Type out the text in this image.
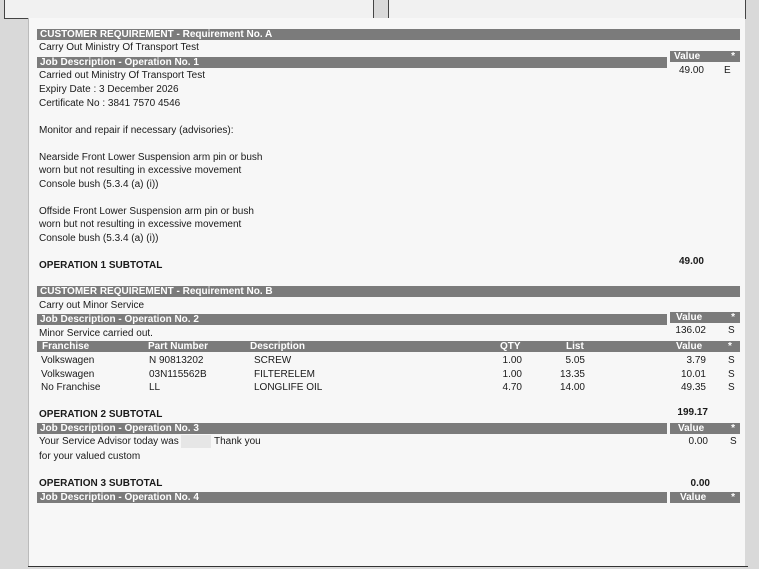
CUSTOMER REQUIREMENT - Requirement No. A
Carry Out Ministry Of Transport Test
Job Description - Operation No. 1
Value	*
Carried out Ministry Of Transport Test
Expiry Date : 3 December 2026
Certificate No : 3841 7570 4546
Monitor and repair if necessary (advisories):
Nearside Front Lower Suspension arm pin or bush
worn but not resulting in excessive movement
Console bush (5.3.4 (a) (i))
Offside Front Lower Suspension arm pin or bush
worn but not resulting in excessive movement
Console bush (5.3.4 (a) (i))
49.00 E
OPERATION 1 SUBTOTAL	49.00
CUSTOMER REQUIREMENT - Requirement No. B
Carry out Minor Service
Job Description - Operation No. 2	Value	*
Minor Service carried out.	136.02 S
Franchise	Part Number	Description	QTY	List	Value	*
Volkswagen	N 90813202	SCREW	1.00	5.05	3.79 S
Volkswagen	03N115562B	FILTERELEM	1.00	13.35	10.01 S
No Franchise	LL	LONGLIFE OIL	4.70	14.00	49.35 S
OPERATION 2 SUBTOTAL	199.17
Job Description - Operation No. 3	Value	*
Your Service Advisor today was	Thank you
for your valued custom
0.00 S
OPERATION 3 SUBTOTAL	0.00
Job Description - Operation No. 4	Value *
